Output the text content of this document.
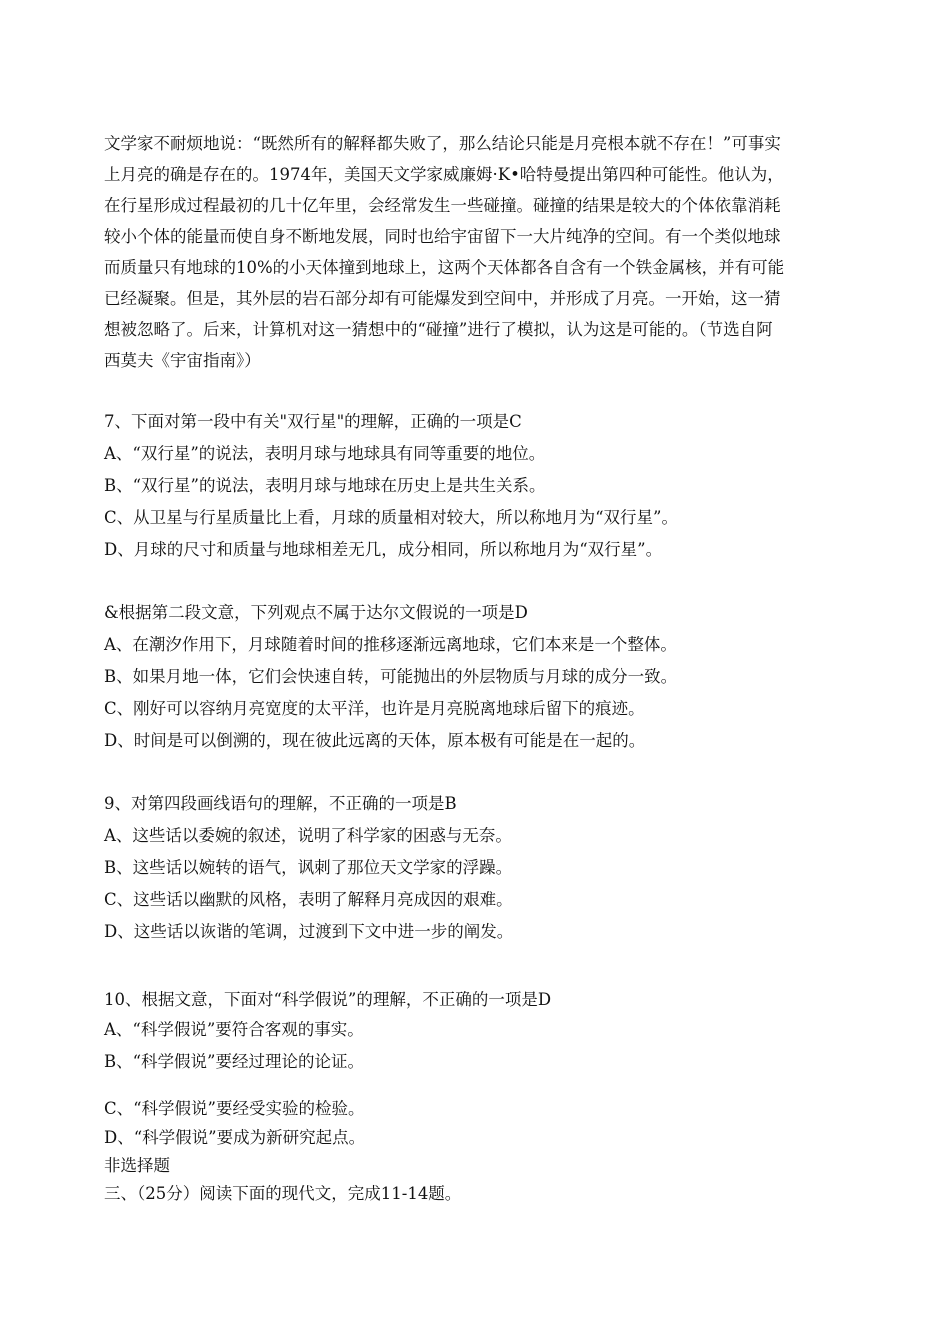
文学家不耐烦地说：“既然所有的解释都失败了，那么结论只能是月亮根本就不存在！”可事实
上月亮的确是存在的。1974年，美国天文学家威廉姆·K•哈特曼提出第四种可能性。他认为，
在行星形成过程最初的几十亿年里，会经常发生一些碰撞。碰撞的结果是较大的个体依靠消耗
较小个体的能量而使自身不断地发展，同时也给宇宙留下一大片纯净的空间。有一个类似地球
而质量只有地球的10%的小天体撞到地球上，这两个天体都各自含有一个铁金属核，并有可能
已经凝聚。但是，其外层的岩石部分却有可能爆发到空间中，并形成了月亮。一开始，这一猜
想被忽略了。后来，计算机对这一猜想中的“碰撞”进行了模拟，认为这是可能的。（节选自阿
西莫夫《宇宙指南》）
7、下面对第一段中有关"双行星"的理解，正确的一项是C
A、“双行星”的说法，表明月球与地球具有同等重要的地位。
B、“双行星”的说法，表明月球与地球在历史上是共生关系。
C、从卫星与行星质量比上看，月球的质量相对较大，所以称地月为“双行星”。
D、月球的尺寸和质量与地球相差无几，成分相同，所以称地月为“双行星”。
&根据第二段文意，下列观点不属于达尔文假说的一项是D
A、在潮汐作用下，月球随着时间的推移逐渐远离地球，它们本来是一个整体。
B、如果月地一体，它们会快速自转，可能抛出的外层物质与月球的成分一致。
C、刚好可以容纳月亮宽度的太平洋，也许是月亮脱离地球后留下的痕迹。
D、时间是可以倒溯的，现在彼此远离的天体，原本极有可能是在一起的。
9、对第四段画线语句的理解，不正确的一项是B
A、这些话以委婉的叙述，说明了科学家的困惑与无奈。
B、这些话以婉转的语气，讽刺了那位天文学家的浮躁。
C、这些话以幽默的风格，表明了解释月亮成因的艰难。
D、这些话以诙谐的笔调，过渡到下文中进一步的阐发。
10、根据文意，下面对“科学假说”的理解，不正确的一项是D
A、“科学假说”要符合客观的事实。
B、“科学假说”要经过理论的论证。
C、“科学假说”要经受实验的检验。
D、“科学假说”要成为新研究起点。
非选择题
三、（25分）阅读下面的现代文，完成11-14题。
